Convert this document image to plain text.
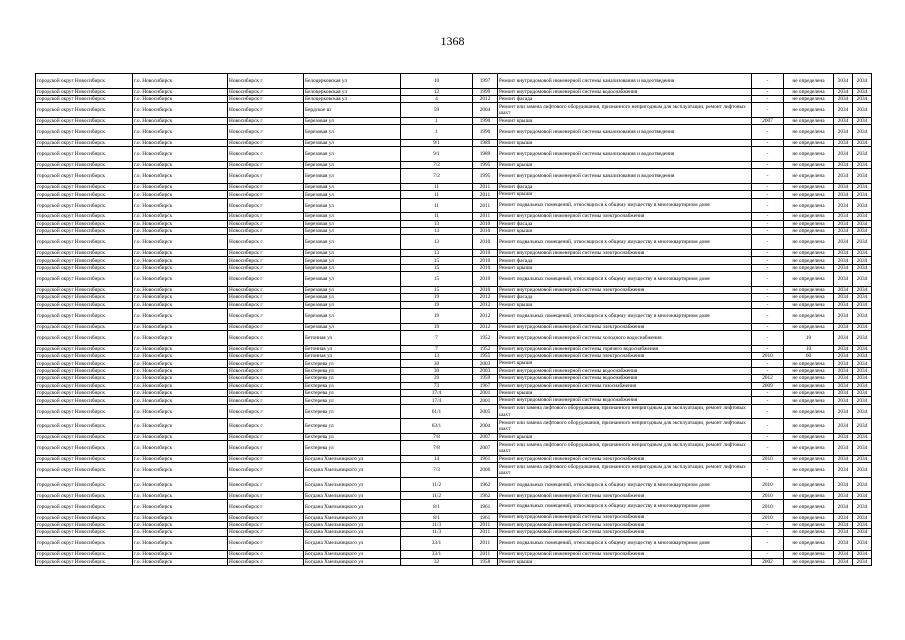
1368
городской округ Новосибирск	г.о. Новосибирск	Новосибирск г	Белоцерковская ул	10	1997	Ремонт внутридомовой инженерной системы канализования и водоотведения	-	не определена	2034	2034
городской округ Новосибирск	г.о. Новосибирск	Новосибирск г	Белоцерковская ул	12	1999	Ремонт внутридомовой инженерной системы водоснабжения	-	не определена	2034	2034
городской округ Новосибирск	г.о. Новосибирск	Новосибирск г	Белоцерковская ул	4	2012	Ремонт фасада	-	не определена	2034	2034
городской округ Новосибирск	г.о. Новосибирск	Новосибирск г	Бердское ш	59	2004	Ремонт или замена лифтового оборудования, признанного непригодным для эксплуатации, ремонт лифтовых шахт	-	не определена	2034	2034
городской округ Новосибирск	г.о. Новосибирск	Новосибирск г	Березовая ул	1	1990	Ремонт крыши	2007	не определена	2034	2034
городской округ Новосибирск	г.о. Новосибирск	Новосибирск г	Березовая ул	1	1990	Ремонт внутридомовой инженерной системы канализования и водоотведения	-	не определена	2034	2034
городской округ Новосибирск	г.о. Новосибирск	Новосибирск г	Березовая ул	9/1	1989	Ремонт крыши	-	не определена	2034	2034
городской округ Новосибирск	г.о. Новосибирск	Новосибирск г	Березовая ул	9/1	1989	Ремонт внутридомовой инженерной системы канализования и водоотведения	-	не определена	2034	2034
городской округ Новосибирск	г.о. Новосибирск	Новосибирск г	Березовая ул	7/2	1995	Ремонт крыши	-	не определена	2034	2034
городской округ Новосибирск	г.о. Новосибирск	Новосибирск г	Березовая ул	7/2	1995	Ремонт внутридомовой инженерной системы канализования и водоотведения	-	не определена	2034	2034
городской округ Новосибирск	г.о. Новосибирск	Новосибирск г	Березовая ул	11	2011	Ремонт фасада	-	не определена	2034	2034
городской округ Новосибирск	г.о. Новосибирск	Новосибирск г	Березовая ул	11	2011	Ремонт крыши	-	не определена	2034	2034
городской округ Новосибирск	г.о. Новосибирск	Новосибирск г	Березовая ул	11	2011	Ремонт подвальных помещений, относящихся к общему имуществу в многоквартирном доме	-	не определена	2034	2034
городской округ Новосибирск	г.о. Новосибирск	Новосибирск г	Березовая ул	11	2011	Ремонт внутридомовой инженерной системы электроснабжения	-	не определена	2034	2034
городской округ Новосибирск	г.о. Новосибирск	Новосибирск г	Березовая ул	13	2010	Ремонт фасада	-	не определена	2034	2034
городской округ Новосибирск	г.о. Новосибирск	Новосибирск г	Березовая ул	13	2010	Ремонт крыши	-	не определена	2034	2034
городской округ Новосибирск	г.о. Новосибирск	Новосибирск г	Березовая ул	13	2010	Ремонт подвальных помещений, относящихся к общему имуществу в многоквартирном доме	-	не определена	2034	2034
городской округ Новосибирск	г.о. Новосибирск	Новосибирск г	Березовая ул	13	2010	Ремонт внутридомовой инженерной системы электроснабжения	-	не определена	2034	2034
городской округ Новосибирск	г.о. Новосибирск	Новосибирск г	Березовая ул	15	2010	Ремонт фасада	-	не определена	2034	2034
городской округ Новосибирск	г.о. Новосибирск	Новосибирск г	Березовая ул	15	2010	Ремонт крыши	-	не определена	2034	2034
городской округ Новосибирск	г.о. Новосибирск	Новосибирск г	Березовая ул	15	2010	Ремонт подвальных помещений, относящихся к общему имуществу в многоквартирном доме	-	не определена	2034	2034
городской округ Новосибирск	г.о. Новосибирск	Новосибирск г	Березовая ул	15	2010	Ремонт внутридомовой инженерной системы электроснабжения	-	не определена	2034	2034
городской округ Новосибирск	г.о. Новосибирск	Новосибирск г	Березовая ул	19	2012	Ремонт фасада	-	не определена	2034	2034
городской округ Новосибирск	г.о. Новосибирск	Новосибирск г	Березовая ул	19	2012	Ремонт крыши	-	не определена	2034	2034
городской округ Новосибирск	г.о. Новосибирск	Новосибирск г	Березовая ул	19	2012	Ремонт подвальных помещений, относящихся к общему имуществу в многоквартирном доме	-	не определена	2034	2034
городской округ Новосибирск	г.о. Новосибирск	Новосибирск г	Березовая ул	19	2012	Ремонт внутридомовой инженерной системы электроснабжения	-	не определена	2034	2034
городской округ Новосибирск	г.о. Новосибирск	Новосибирск г	Бетонная ул	7	1952	Ремонт внутридомовой инженерной системы холодного водоснабжения	-	10	2034	2034
городской округ Новосибирск	г.о. Новосибирск	Новосибирск г	Бетонная ул	7	1952	Ремонт внутридомовой инженерной системы горячего водоснабжения	-	10	2034	2034
городской округ Новосибирск	г.о. Новосибирск	Новосибирск г	Бетонная ул	13	1955	Ремонт внутридомовой инженерной системы электроснабжения	2010	60	2034	2034
городской округ Новосибирск	г.о. Новосибирск	Новосибирск г	Бехтерева ул	30	2003	Ремонт крыши	-	не определена	2034	2034
городской округ Новосибирск	г.о. Новосибирск	Новосибирск г	Бехтерева ул	30	2003	Ремонт внутридомовой инженерной системы водоснабжения	-	не определена	2034	2034
городской округ Новосибирск	г.о. Новосибирск	Новосибирск г	Бехтерева ул	39	1959	Ремонт внутридомовой инженерной системы водоснабжения	2012	не определена	2034	2034
городской округ Новосибирск	г.о. Новосибирск	Новосибирск г	Бехтерева ул	73	1967	Ремонт внутридомовой инженерной системы газоснабжения	2009	не определена	2034	2034
городской округ Новосибирск	г.о. Новосибирск	Новосибирск г	Бехтерева ул	17/4	2001	Ремонт крыши	-	не определена	2034	2034
городской округ Новосибирск	г.о. Новосибирск	Новосибирск г	Бехтерева ул	17/4	2001	Ремонт внутридомовой инженерной системы водоснабжения	-	не определена	2034	2034
городской округ Новосибирск	г.о. Новосибирск	Новосибирск г	Бехтерева ул	61/1	2005	Ремонт или замена лифтового оборудования, признанного непригодным для эксплуатации, ремонт лифтовых шахт	-	не определена	2034	2034
городской округ Новосибирск	г.о. Новосибирск	Новосибирск г	Бехтерева ул	63/1	2004	Ремонт или замена лифтового оборудования, признанного непригодным для эксплуатации, ремонт лифтовых шахт	-	не определена	2034	2034
городской округ Новосибирск	г.о. Новосибирск	Новосибирск г	Бехтерева ул	7/8	2007	Ремонт крыши	-	не определена	2034	2034
городской округ Новосибирск	г.о. Новосибирск	Новосибирск г	Бехтерева ул	7/8	2007	Ремонт или замена лифтового оборудования, признанного непригодным для эксплуатации, ремонт лифтовых шахт	-	не определена	2034	2034
городской округ Новосибирск	г.о. Новосибирск	Новосибирск г	Богдана Хмельницкого ул	14	1961	Ремонт внутридомовой инженерной системы электроснабжения	2010	не определена	2034	2034
городской округ Новосибирск	г.о. Новосибирск	Новосибирск г	Богдана Хмельницкого ул	7/3	2006	Ремонт или замена лифтового оборудования, признанного непригодным для эксплуатации, ремонт лифтовых шахт	-	не определена	2034	2034
городской округ Новосибирск	г.о. Новосибирск	Новосибирск г	Богдана Хмельницкого ул	11/2	1962	Ремонт подвальных помещений, относящихся к общему имуществу в многоквартирном доме	2010	не определена	2034	2034
городской округ Новосибирск	г.о. Новосибирск	Новосибирск г	Богдана Хмельницкого ул	11/2	1962	Ремонт внутридомовой инженерной системы электроснабжения	2010	не определена	2034	2034
городской округ Новосибирск	г.о. Новосибирск	Новосибирск г	Богдана Хмельницкого ул	8/1	1961	Ремонт подвальных помещений, относящихся к общему имуществу в многоквартирном доме	2010	не определена	2034	2034
городской округ Новосибирск	г.о. Новосибирск	Новосибирск г	Богдана Хмельницкого ул	8/1	1961	Ремонт внутридомовой инженерной системы электроснабжения	2010	не определена	2034	2034
городской округ Новосибирск	г.о. Новосибирск	Новосибирск г	Богдана Хмельницкого ул	11/3	2011	Ремонт внутридомовой инженерной системы электроснабжения	-	не определена	2034	2034
городской округ Новосибирск	г.о. Новосибирск	Новосибирск г	Богдана Хмельницкого ул	11/3	2011	Ремонт внутридомовой инженерной системы электроснабжения	-	не определена	2034	2034
городской округ Новосибирск	г.о. Новосибирск	Новосибирск г	Богдана Хмельницкого ул	33/1	2011	Ремонт подвальных помещений, относящихся к общему имуществу в многоквартирном доме	-	не определена	2034	2034
городской округ Новосибирск	г.о. Новосибирск	Новосибирск г	Богдана Хмельницкого ул	33/1	2011	Ремонт внутридомовой инженерной системы электроснабжения	-	не определена	2034	2034
городской округ Новосибирск	г.о. Новосибирск	Новосибирск г	Богдана Хмельницкого ул	32	1958	Ремонт крыши	2002	не определена	2034	2034
